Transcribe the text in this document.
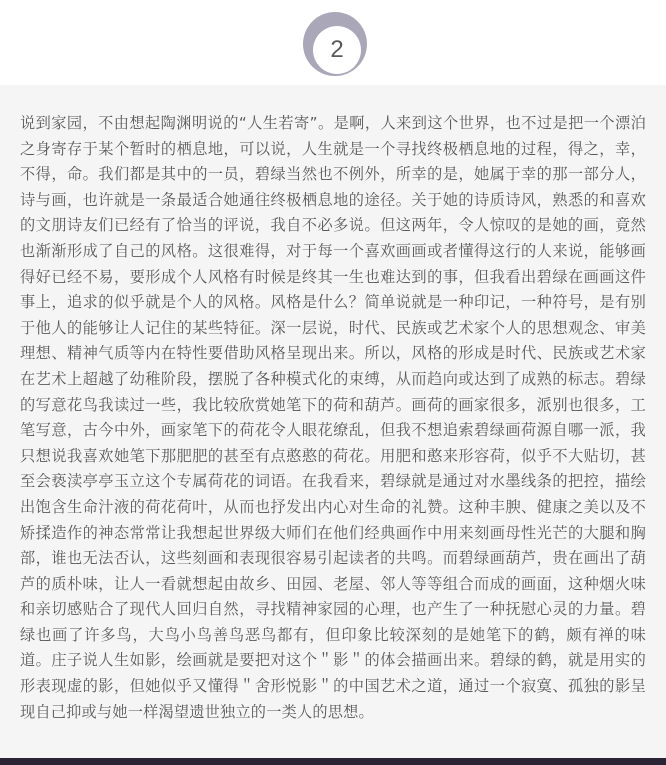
2

说到家园，不由想起陶渊明说的“人生若寄”。是啊，人来到这个世界，也不过是把一个漂泊之身寄存于某个暂时的栖息地，可以说，人生就是一个寻找终极栖息地的过程，得之，幸，不得，命。我们都是其中的一员，碧绿当然也不例外，所幸的是，她属于幸的那一部分人，诗与画，也许就是一条最适合她通往终极栖息地的途径。关于她的诗质诗风，熟悉的和喜欢的文朋诗友们已经有了恰当的评说，我自不必多说。但这两年，令人惊叹的是她的画，竟然也渐渐形成了自己的风格。这很难得，对于每一个喜欢画画或者懂得这行的人来说，能够画得好已经不易，要形成个人风格有时候是终其一生也难达到的事，但我看出碧绿在画画这件事上，追求的似乎就是个人的风格。风格是什么？简单说就是一种印记，一种符号，是有别于他人的能够让人记住的某些特征。深一层说，时代、民族或艺术家个人的思想观念、审美理想、精神气质等内在特性要借助风格呈现出来。所以，风格的形成是时代、民族或艺术家在艺术上超越了幼稚阶段，摆脱了各种模式化的束缚，从而趋向或达到了成熟的标志。碧绿的写意花鸟我读过一些，我比较欣赏她笔下的荷和葫芦。画荷的画家很多，派别也很多，工笔写意，古今中外，画家笔下的荷花令人眼花缭乱，但我不想追索碧绿画荷源自哪一派，我只想说我喜欢她笔下那肥肥的甚至有点憨憨的荷花。用肥和憨来形容荷，似乎不大贴切，甚至会亵渎亭亭玉立这个专属荷花的词语。在我看来，碧绿就是通过对水墨线条的把控，描绘出饱含生命汁液的荷花荷叶，从而也抒发出内心对生命的礼赞。这种丰腴、健康之美以及不矫揉造作的神态常常让我想起世界级大师们在他们经典画作中用来刻画母性光芒的大腿和胸部，谁也无法否认，这些刻画和表现很容易引起读者的共鸣。而碧绿画葫芦，贵在画出了葫芦的质朴味，让人一看就想起由故乡、田园、老屋、邻人等等组合而成的画面，这种烟火味和亲切感贴合了现代人回归自然，寻找精神家园的心理，也产生了一种抚慰心灵的力量。碧绿也画了许多鸟，大鸟小鸟善鸟恶鸟都有，但印象比较深刻的是她笔下的鹤，颇有禅的味道。庄子说人生如影，绘画就是要把对这个＂影＂的体会描画出来。碧绿的鹤，就是用实的形表现虚的影，但她似乎又懂得＂舍形悦影＂的中国艺术之道，通过一个寂寞、孤独的影呈现自己抑或与她一样渴望遗世独立的一类人的思想。
